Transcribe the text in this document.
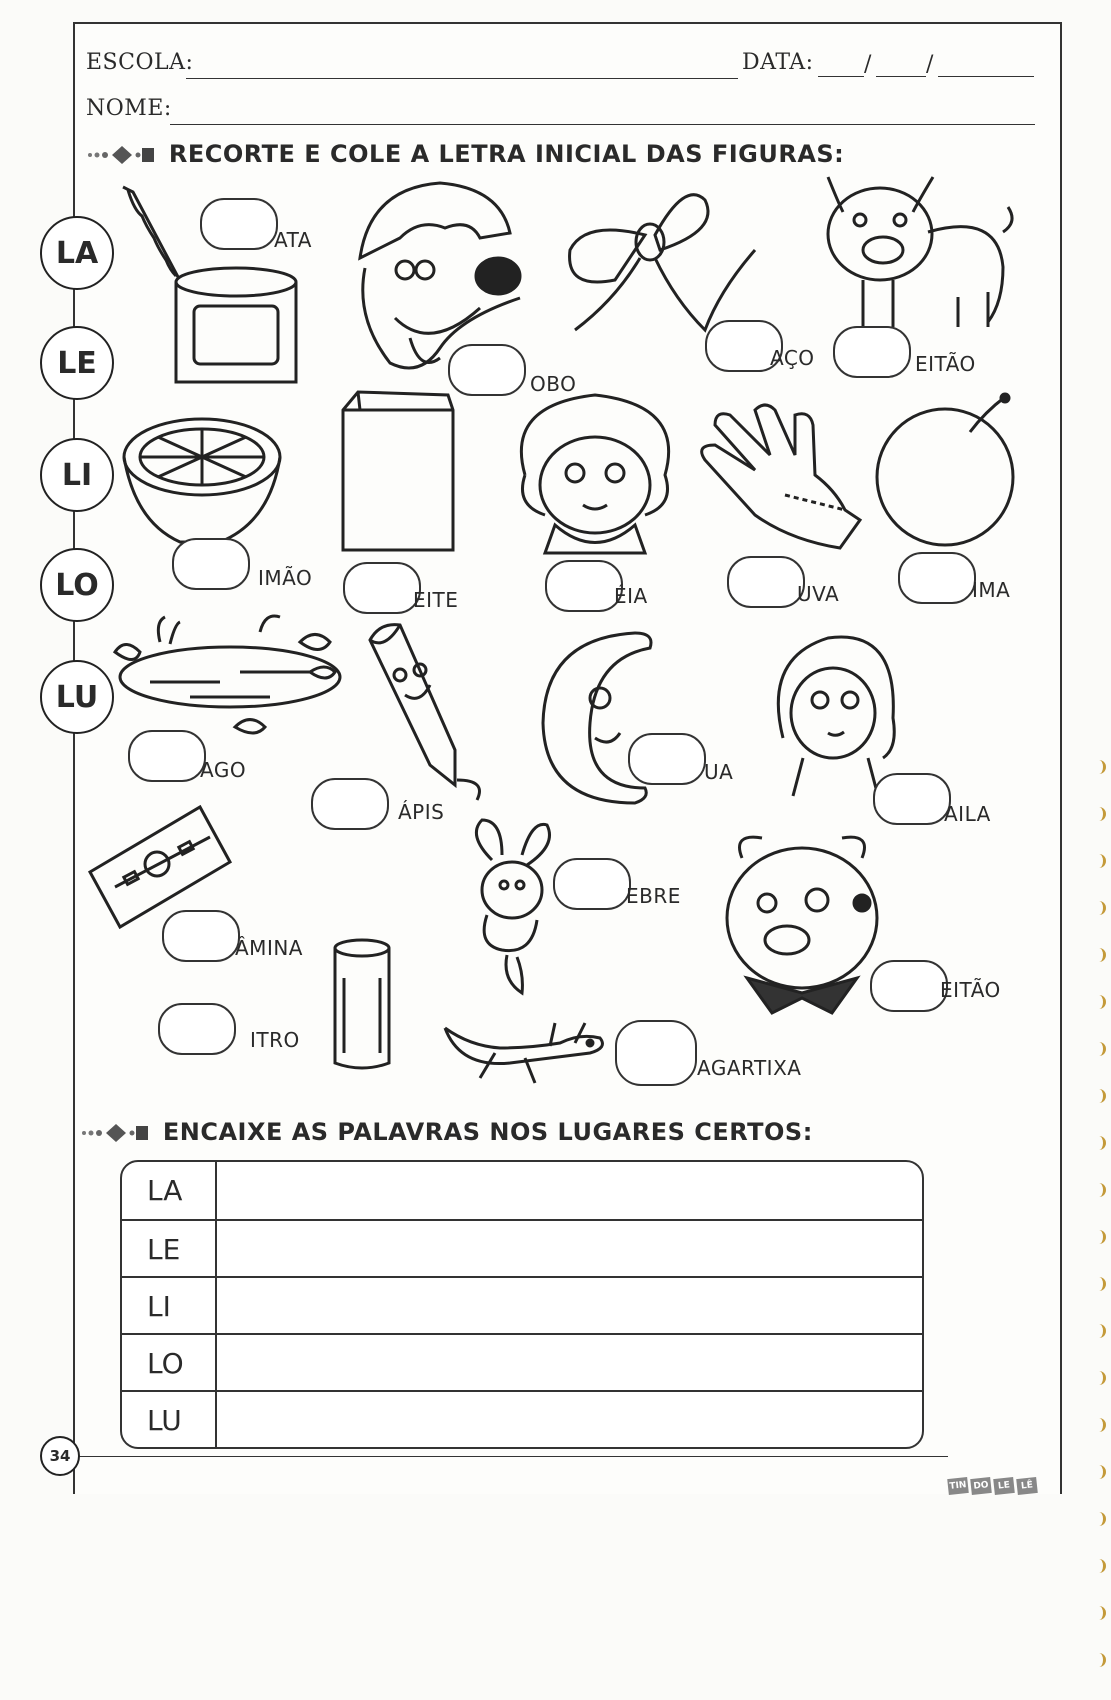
ESCOLA:	DATA: / /
NOME:
RECORTE E COLE A LETRA INICIAL DAS FIGURAS:
LA
LE
LI
LO
LU
ATA
OBO
AÇO	EITÃO
IMÃO
EITE	ÉIA	UVA	IMA
AGO
ÁPIS
UA
AILA
EBRE
ÂMINA
EITÃO
ITRO
AGARTIXA
ENCAIXE AS PALAVRAS NOS LUGARES CERTOS:
LA
LE
LI
LO
LU
34
TIN DO LE	LÊ
